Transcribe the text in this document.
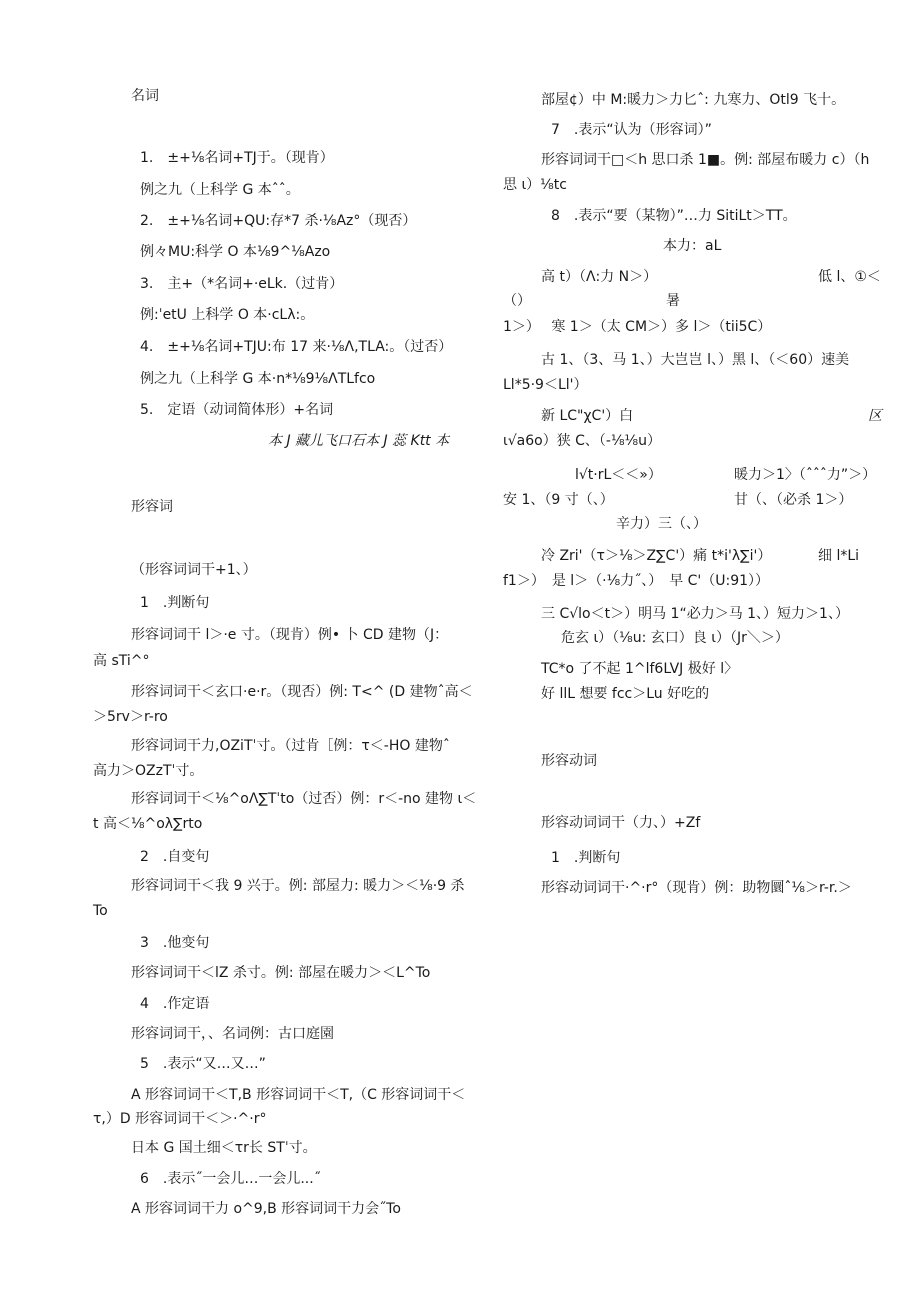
名词
1.　±+⅛名词+TJ于。（现肯）
例之九（上科学 G 本ˆˆ。
2.　±+⅛名词+QU:存*7 杀·⅛Az°（现否）
例々MU:科学 O 本⅛9^⅛Azo
3.　主+（*名词+·eLk.（过肯）
例:ˈetU 上科学 O 本·cLλ:。
4.　±+⅛名词+TJU:布 17 来·⅛Λ,TLA:。（过否）
例之九（上科学 G 本·n*⅛9⅛ΛTLfco
5.　定语（动词简体形）+名词
本 J 藏儿飞口石本 J 蕊 Ktt 本
形容词
（形容词词干+1、）
1　.判断句
形容词词干 l＞·e 寸。（现肯）例• 卜 CD 建物（J：
高 sTi^°
形容词词干＜玄口·e·r。（现否）例: T<^ (D 建物ˆ高＜
＞5rv＞r-ro
形容词词干力,OZiTˈ寸。（过肯［例：τ＜-HO 建物ˆ
高力＞OZzTˈ寸。
形容词词干＜⅛^oΛ∑Tˈto（过否）例：r＜-no 建物 ι＜
t 高＜⅛^oλ∑rto
2　.自变句
形容词词干＜我 9 兴于。例: 部屋力: 暖力＞＜⅛·9 杀
To
3　.他变句
形容词词干＜lZ 杀寸。例: 部屋在暖力＞＜L^To
4　.作定语
形容词词干，、名词例：古口庭園
5　.表示“又…又…”
A 形容词词干＜T,B 形容词词干＜T,（C 形容词词干＜
τ,）D 形容词词干＜＞·^·r°
日本 G 国土细＜τr长 STˈ寸。
6　.表示˝一会儿…一会儿...˝
A 形容词词干力 o^9,B 形容词词干力会˝To
部屋¢）中 M:暖力＞力匕ˆ: 九寒力、Otl9 飞十。
7　.表示“认为（形容词）”
形容词词干□＜h 思口杀 1■。例: 部屋布暖力 c）（h
思 ι）⅛tc
8　.表示“要（某物）”…力 SitiLt＞TT。
本力：aL
高 t）（Λ:力 N＞）	低 l、①＜
（）	暑
1＞）　 寒 1＞（太 CM＞）多 l＞（tii5C）
古 1、（3、马 1、）大岂岂 l、）黑 l、（＜60）速美
Ll*5·9＜Ll'）
新 LC"χC'）白	区
ι√a6o）狭 C、（-⅛⅛u）
l√t·rL＜＜»）	暖力＞1〉（ˆˆˆ力”＞）
安 1、（9 寸（、）	甘（、（必杀 1＞）
辛力）三（、）
冷 Zri'（τ＞⅛＞Z∑C'）痛 t*i'λ∑i'）	细 l*Li
f1＞）　是 l＞（·⅛力˝、）　早 C'（U:91））
三 C√lo＜t＞）明马 1“必力＞马 1、）短力＞1、）
危玄 ι）（⅛u: 玄口）良 ι）（Jr＼＞）
TC*o 了不起 1^lf6LVJ 极好 l〉
好 llL 想要 fcc＞Lu 好吃的
形容动词
形容动词词干（力、）+Zf
1　.判断句
形容动词词干·^·r°（现肯）例：助物圜ˆ⅛＞r-r.＞
